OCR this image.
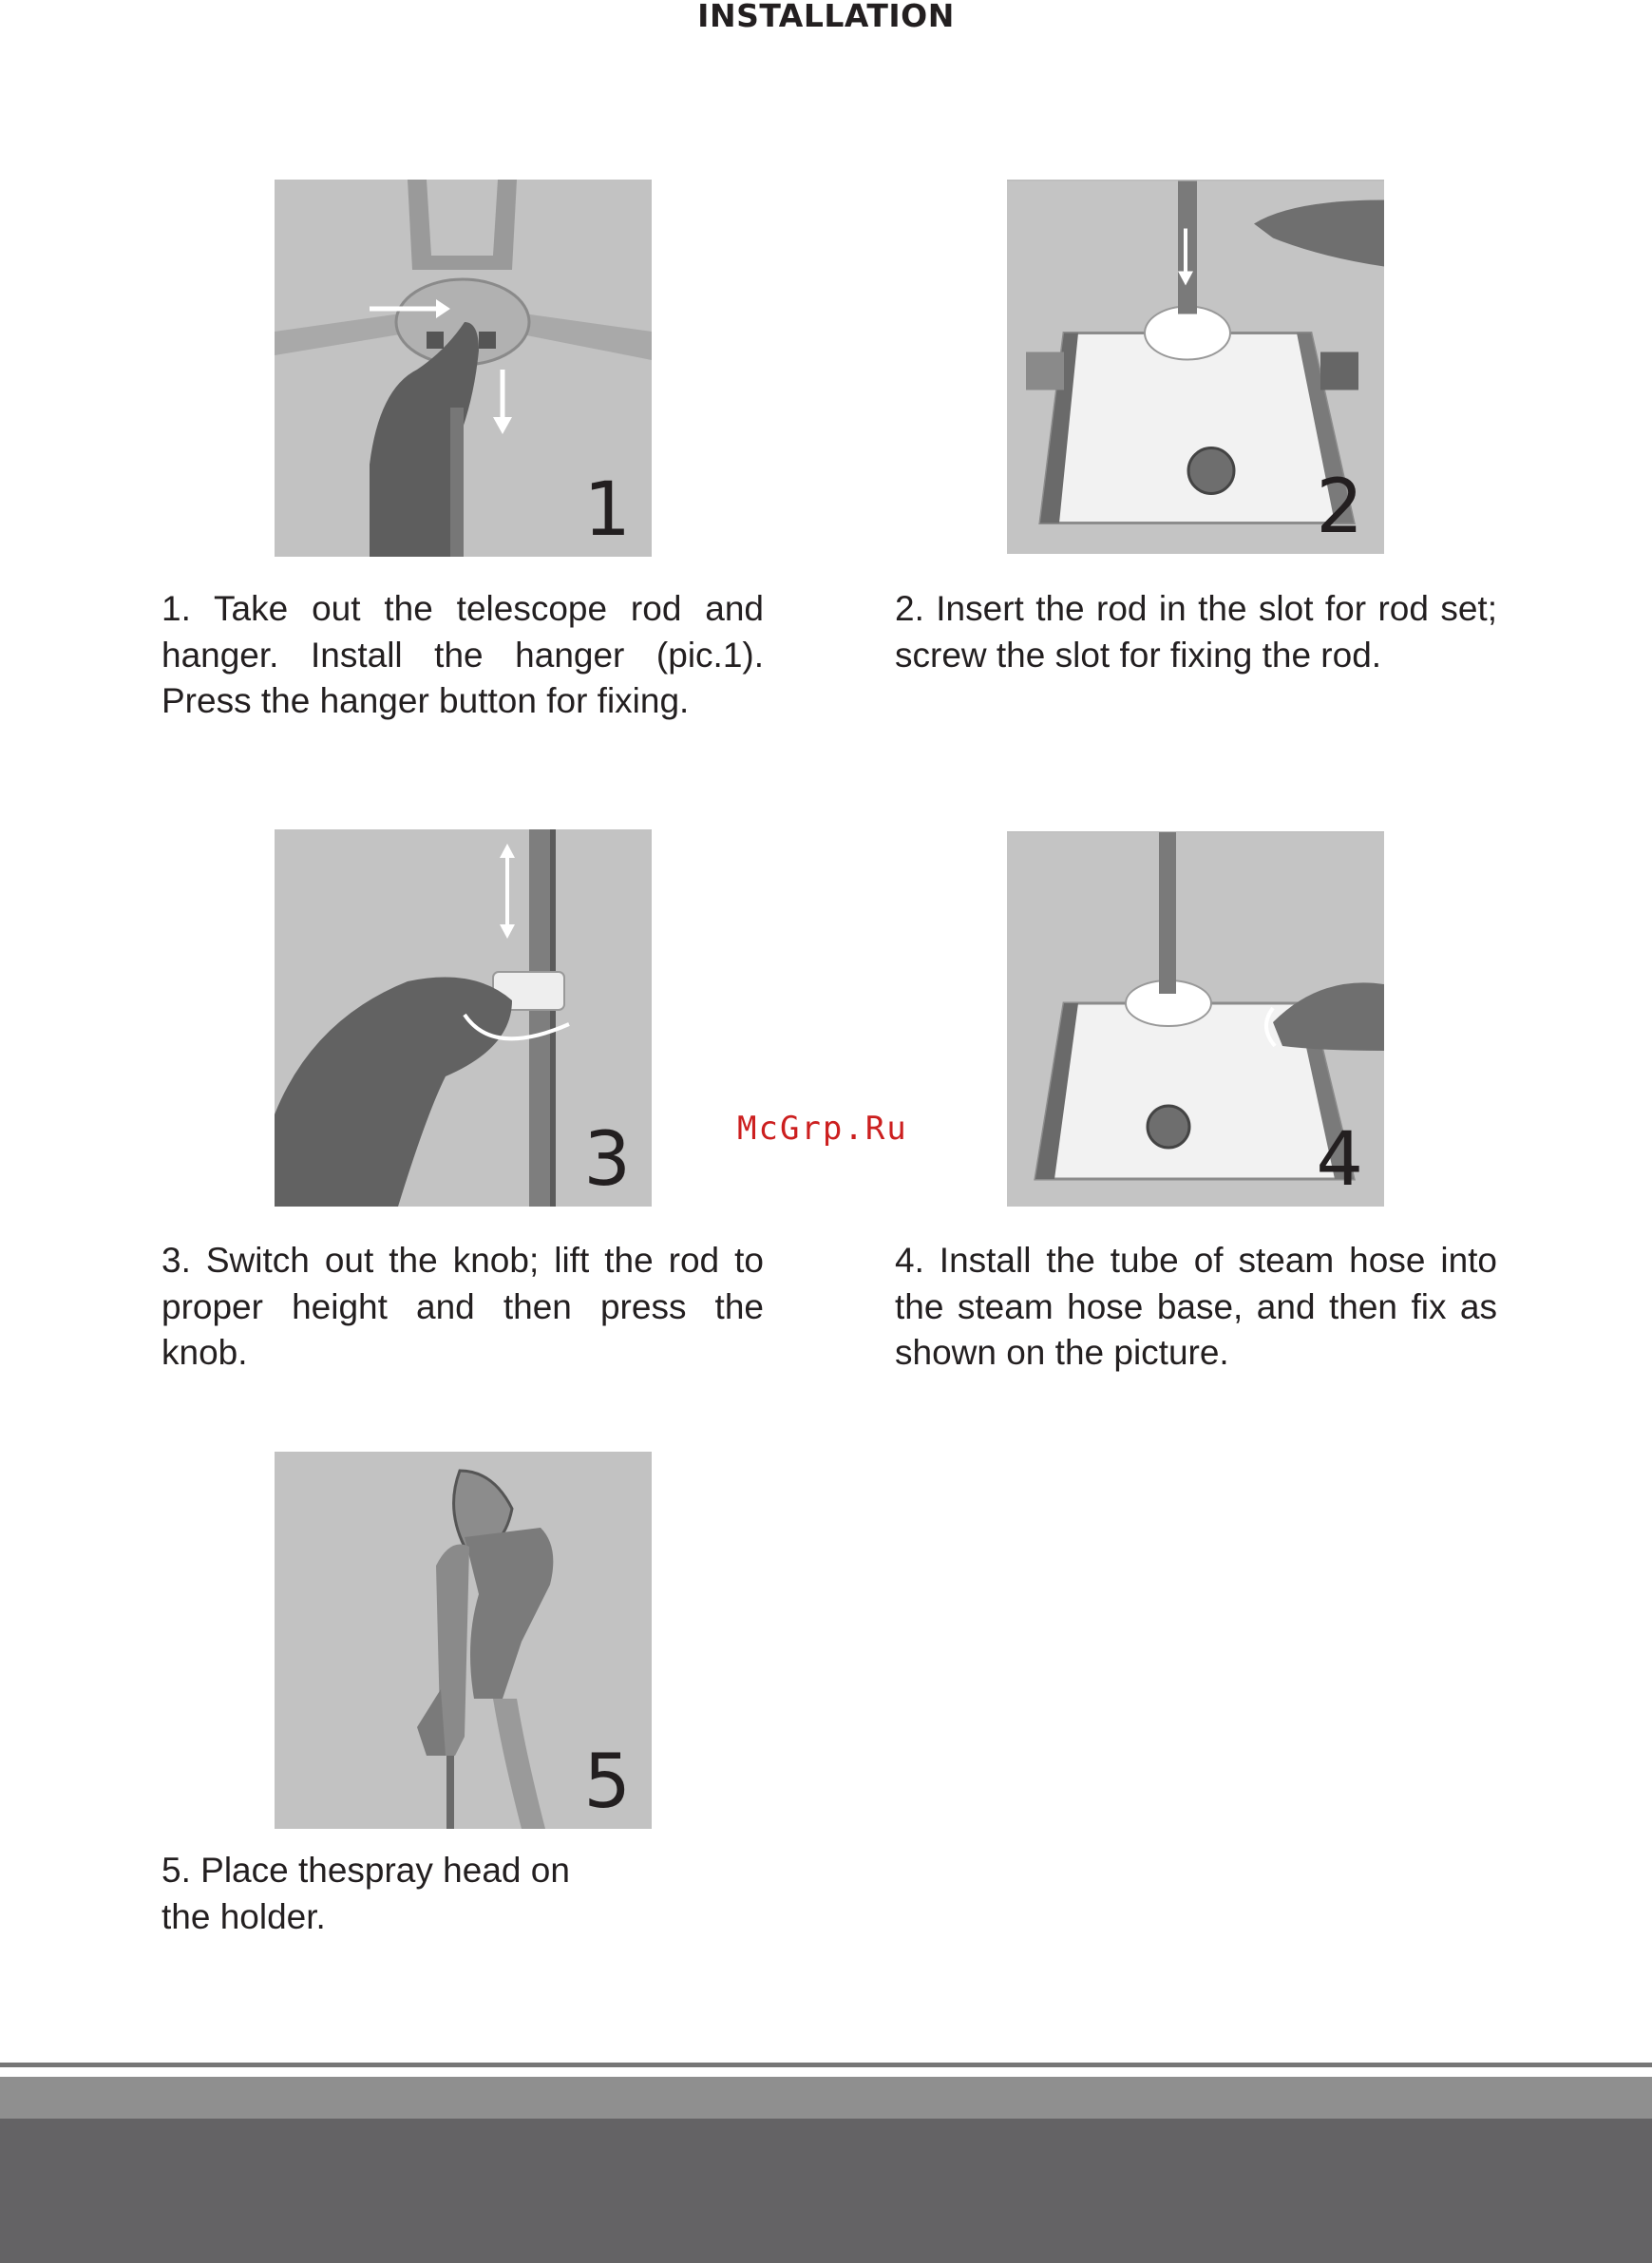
INSTALLATION
1
1. Take out the telescope rod and hanger. Install the hanger (pic.1). Press the hanger button for fixing.
2
2. Insert the rod in the slot for rod set; screw the slot for fixing the rod.
3
3. Switch out the knob; lift the rod to proper height and then press the knob.
McGrp.Ru	4
4. Install the tube of steam hose into the steam hose base, and then fix as shown on the picture.
5
5. Place thespray head on
the holder.
